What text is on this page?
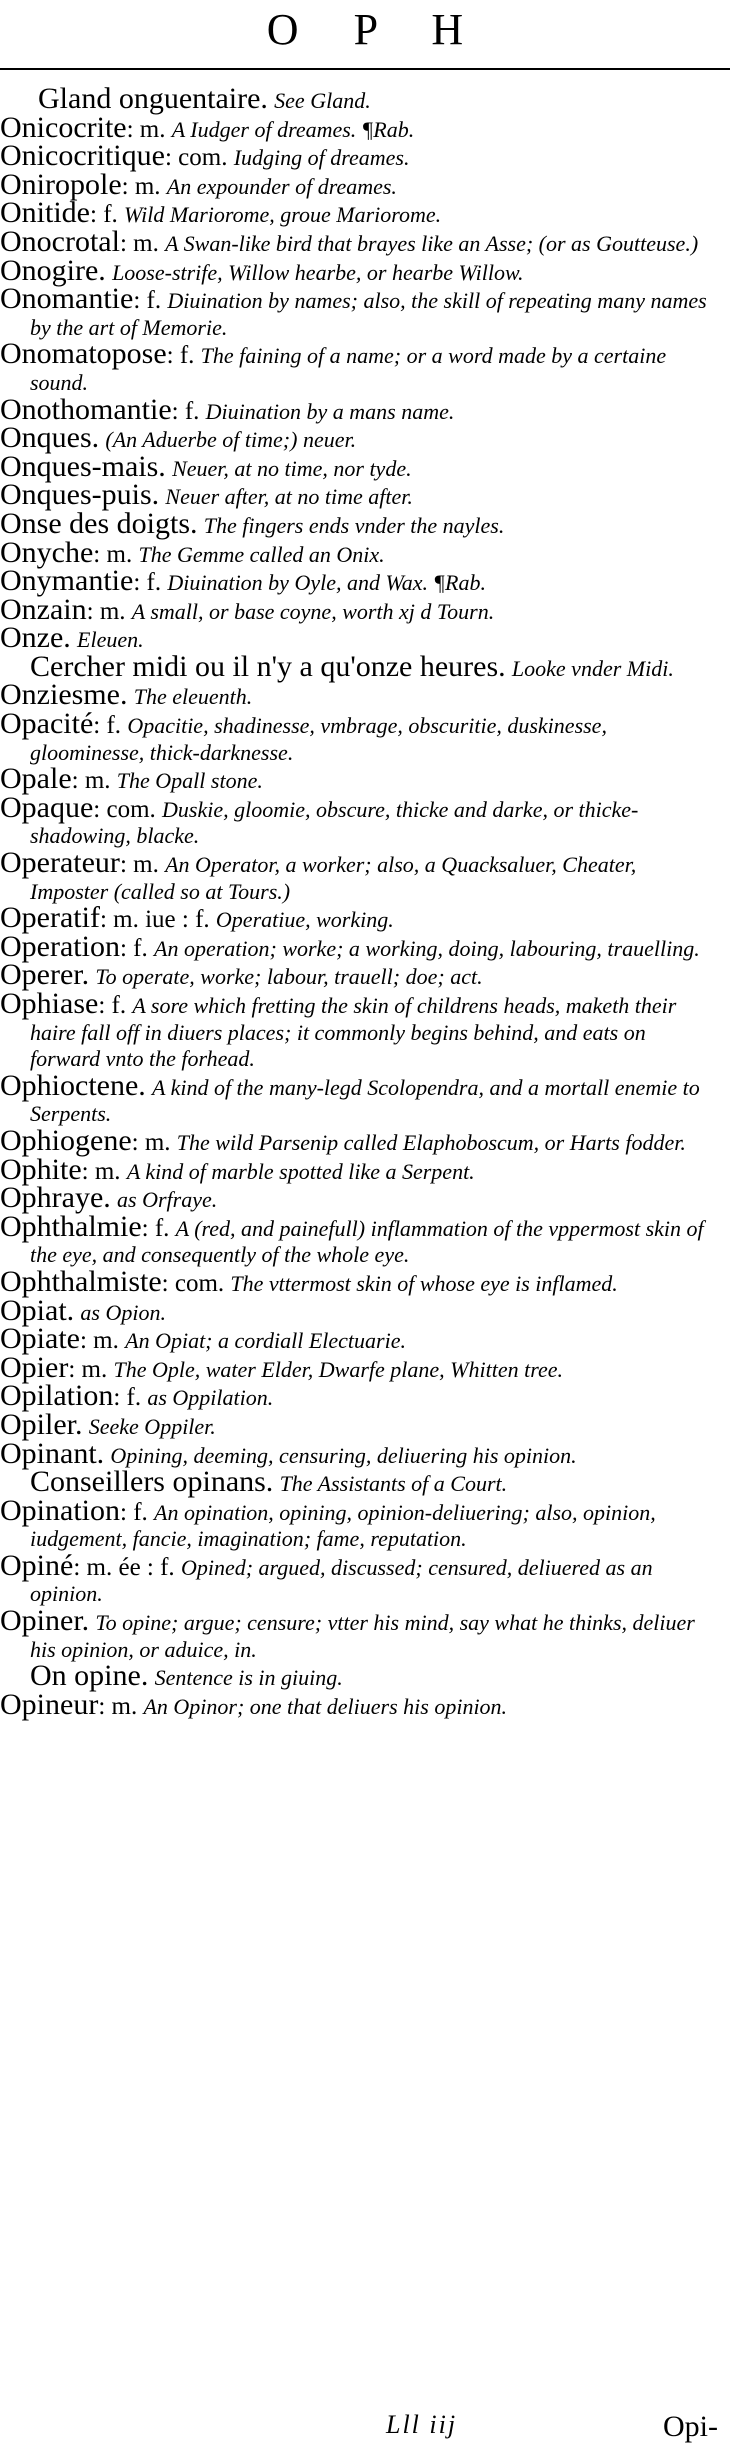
O P H

Gland onguentaire. See Gland.

Onicocrite: m. A Iudger of dreames. ¶Rab.

Onicocritique: com. Iudging of dreames.

Oniropole: m. An expounder of dreames.

Onitide: f. Wild Mariorome, groue Mariorome.

Onocrotal: m. A Swan-like bird that brayes like an Asse; (or as Goutteuse.)

Onogire. Loose-strife, Willow hearbe, or hearbe Willow.

Onomantie: f. Diuination by names; also, the skill of repeating many names by the art of Memorie.

Onomatopose: f. The faining of a name; or a word made by a certaine sound.

Onothomantie: f. Diuination by a mans name.

Onques. (An Aduerbe of time;) neuer.

Onques-mais. Neuer, at no time, nor tyde.

Onques-puis. Neuer after, at no time after.

Onse des doigts. The fingers ends vnder the nayles.

Onyche: m. The Gemme called an Onix.

Onymantie: f. Diuination by Oyle, and Wax. ¶Rab.

Onzain: m. A small, or base coyne, worth xj d Tourn.

Onze. Eleuen.

Cercher midi ou il n'y a qu'onze heures. Looke vnder Midi.

Onziesme. The eleuenth.

Opacité: f. Opacitie, shadinesse, vmbrage, obscuritie, duskinesse, gloominesse, thick-darknesse.

Opale: m. The Opall stone.

Opaque: com. Duskie, gloomie, obscure, thicke and darke, or thicke-shadowing, blacke.

Operateur: m. An Operator, a worker; also, a Quacksaluer, Cheater, Imposter (called so at Tours.)

Operatif: m. iue : f. Operatiue, working.

Operation: f. An operation; worke; a working, doing, labouring, trauelling.

Operer. To operate, worke; labour, trauell; doe; act.

Ophiase: f. A sore which fretting the skin of childrens heads, maketh their haire fall off in diuers places; it commonly begins behind, and eats on forward vnto the forhead.

Ophioctene. A kind of the many-legd Scolopendra, and a mortall enemie to Serpents.

Ophiogene: m. The wild Parsenip called Elaphoboscum, or Harts fodder.

Ophite: m. A kind of marble spotted like a Serpent.

Ophraye. as Orfraye.

Ophthalmie: f. A (red, and painefull) inflammation of the vppermost skin of the eye, and consequently of the whole eye.

Ophthalmiste: com. The vttermost skin of whose eye is inflamed.

Opiat. as Opion.

Opiate: m. An Opiat; a cordiall Electuarie.

Opier: m. The Ople, water Elder, Dwarfe plane, Whitten tree.

Opilation: f. as Oppilation.

Opiler. Seeke Oppiler.

Opinant. Opining, deeming, censuring, deliuering his opinion.

Conseillers opinans. The Assistants of a Court.

Opination: f. An opination, opining, opinion-deliuering; also, opinion, iudgement, fancie, imagination; fame, reputation.

Opiné: m. ée : f. Opined; argued, discussed; censured, deliuered as an opinion.

Opiner. To opine; argue; censure; vtter his mind, say what he thinks, deliuer his opinion, or aduice, in.

On opine. Sentence is in giuing.

Opineur: m. An Opinor; one that deliuers his opinion.

Lll iij	Opi-
